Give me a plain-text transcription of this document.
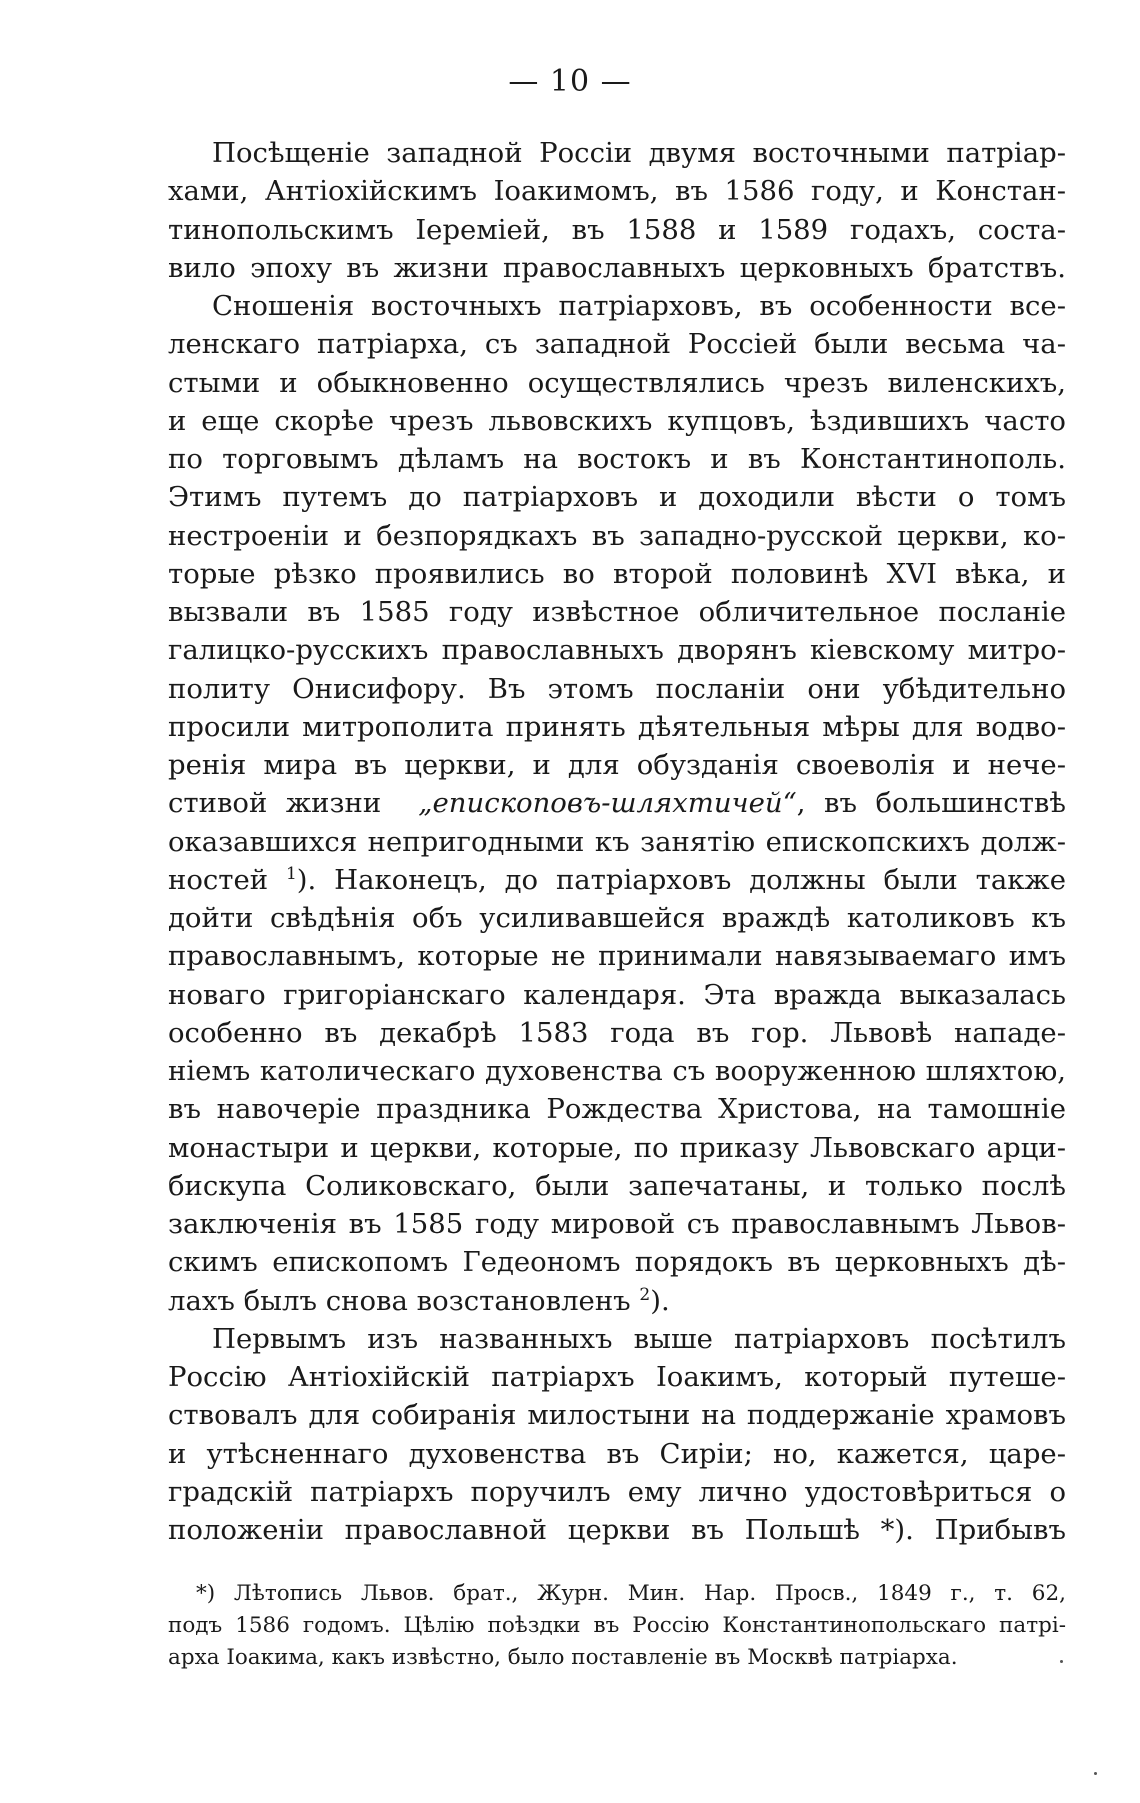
— 10 —
Посѣщеніе западной Россіи двумя восточными патріар-
хами, Антіохійскимъ Іоакимомъ, въ 1586 году, и Констан-
тинопольскимъ Іереміей, въ 1588 и 1589 годахъ, соста-
вило эпоху въ жизни православныхъ церковныхъ братствъ.
Сношенія восточныхъ патріарховъ, въ особенности все-
ленскаго патріарха, съ западной Россіей были весьма ча-
стыми и обыкновенно осуществлялись чрезъ виленскихъ,
и еще скорѣе чрезъ львовскихъ купцовъ, ѣздившихъ часто
по торговымъ дѣламъ на востокъ и въ Константинополь.
Этимъ путемъ до патріарховъ и доходили вѣсти о томъ
нестроеніи и безпорядкахъ въ западно-русской церкви, ко-
торые рѣзко проявились во второй половинѣ XVI вѣка, и
вызвали въ 1585 году извѣстное обличительное посланіе
галицко-русскихъ православныхъ дворянъ кіевскому митро-
политу Онисифору. Въ этомъ посланіи они убѣдительно
просили митрополита принять дѣятельныя мѣры для водво-
ренія мира въ церкви, и для обузданія своеволія и нече-
стивой жизни „епископовъ-шляхтичей“, въ большинствѣ
оказавшихся непригодными къ занятію епископскихъ долж-
ностей $^1$). Наконецъ, до патріарховъ должны были также
дойти свѣдѣнія объ усиливавшейся враждѣ католиковъ къ
православнымъ, которые не принимали навязываемаго имъ
новаго григоріанскаго календаря. Эта вражда выказалась
особенно въ декабрѣ 1583 года въ гор. Львовѣ нападе-
ніемъ католическаго духовенства съ вооруженною шляхтою,
въ навочеріе праздника Рождества Христова, на тамошніе
монастыри и церкви, которые, по приказу Львовскаго арци-
бискупа Соликовскаго, были запечатаны, и только послѣ
заключенія въ 1585 году мировой съ православнымъ Львов-
скимъ епископомъ Гедеономъ порядокъ въ церковныхъ дѣ-
лахъ былъ снова возстановленъ $^2$).
Первымъ изъ названныхъ выше патріарховъ посѣтилъ
Россію Антіохійскій патріархъ Іоакимъ, который путеше-
ствовалъ для собиранія милостыни на поддержаніе храмовъ
и утѣсненнаго духовенства въ Сиріи; но, кажется, царе-
градскій патріархъ поручилъ ему лично удостовѣриться о
положеніи православной церкви въ Польшѣ *). Прибывъ
*) Лѣтопись Львов. брат., Журн. Мин. Нар. Просв., 1849 г., т. 62,
подъ 1586 годомъ. Цѣлію поѣздки въ Россію Константинопольскаго патрі-
арха Іоакима, какъ извѣстно, было поставленіе въ Москвѣ патріарха.
